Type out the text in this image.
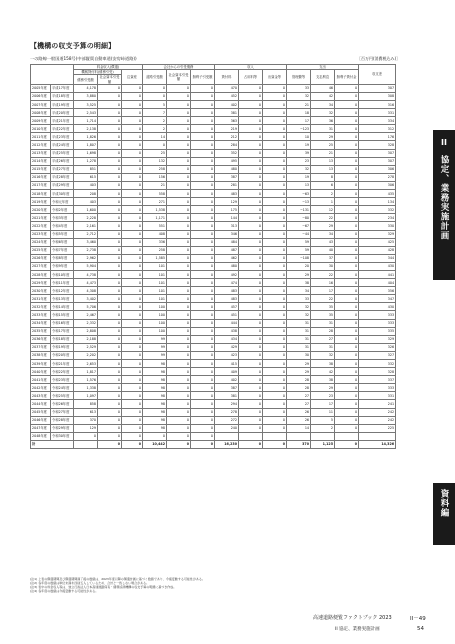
【機構の収支予算の明細】
一の路線一般国道158号(中部縦貫自動車道(安房峠道路))	［百万円(消費税込み)］
		料金収入(償還)			会社からの引受債務			収入			支出			収支差
		機械貸付料(債務引受)		注資産	道路引受額	社会資本引受額	無利子引受額	貸付料	占用料等	出資金等	管理費等	支払利息	無利子貸付金	
		債務引受額	社会資本引受額											
2005年度	平成17年度	4,178	0	0	0	0	0	470	0	0	33	46	0	307
2006年度	平成18年度	3,880	0	0	0	0	0	452	0	0	32	42	0	308
2007年度	平成19年度	3,525	0	0	5	0	0	402	0	0	21	34	0	316
2008年度	平成20年度	2,543	0	0	7	0	0	381	0	0	18	32	0	331
2009年度	平成21年度	1,714	0	0	2	0	0	363	0	0	17	36	0	334
2010年度	平成22年度	2,138	0	0	2	0	0	219	0	0	−123	31	0	312
2011年度	平成23年度	1,826	0	0	14	0	0	212	0	0	10	29	0	176
2012年度	平成24年度	1,807	0	0	0	0	0	284	0	0	19	25	0	328
2013年度	平成25年度	1,698	0	0	25	0	0	352	0	0	39	21	0	307
2014年度	平成26年度	1,278	0	0	132	0	0	495	0	0	23	13	0	307
2015年度	平成27年度	851	0	0	258	0	0	480	0	0	32	13	0	306
2016年度	平成28年度	615	0	0	156	0	0	387	0	0	19	8	0	278
2017年度	平成29年度	403	0	0	21	0	0	281	0	0	13	6	0	306
2018年度	平成30年度	208	0	0	558	0	0	483	0	0	−63	2	0	435
2019年度	令和元年度	403	0	0	271	0	0	129	0	0	−13	1	0	134
2020年度	令和2年度	1,600	0	0	1,538	0	0	175	0	0	−131	12	0	332
2021年度	令和3年度	2,228	0	0	1,171	0	0	144	0	0	−80	22	0	234
2022年度	令和4年度	2,161	0	0	551	0	0	313	0	0	−67	29	0	330
2023年度	令和5年度	2,712	0	0	408	0	0	346	0	0	−44	34	0	329
2024年度	令和6年度	3,460	0	0	336	0	0	484	0	0	59	43	0	425
2025年度	令和7年度	2,738	0	0	258	0	0	487	0	0	59	40	0	428
2026年度	令和8年度	2,962	0	0	1,585	0	0	462	0	0	−108	37	0	344
2027年度	令和9年度	5,904	0	0	101	0	0	480	0	0	20	30	0	430
2028年度	令和10年度	4,738	0	0	101	0	0	492	0	0	29	22	0	441
2029年度	令和11年度	4,473	0	0	101	0	0	474	0	0	38	16	0	404
2030年度	令和12年度	4,308	0	0	101	0	0	483	0	0	34	17	0	356
2031年度	令和13年度	3,402	0	0	101	0	0	483	0	0	33	22	0	347
2032年度	令和14年度	5,706	0	0	100	0	0	457	0	0	32	35	0	430
2033年度	令和15年度	2,467	0	0	100	0	0	451	0	0	32	35	0	333
2034年度	令和16年度	2,332	0	0	100	0	0	444	0	0	31	31	0	333
2035年度	令和17年度	2,808	0	0	100	0	0	438	0	0	31	28	0	335
2036年度	令和18年度	2,188	0	0	99	0	0	434	0	0	31	27	0	329
2037年度	令和19年度	2,529	0	0	99	0	0	429	0	0	31	31	0	326
2038年度	令和20年度	2,202	0	0	99	0	0	423	0	0	30	32	0	327
2039年度	令和21年度	2,653	0	0	98	0	0	415	0	0	29	38	0	332
2040年度	令和22年度	1,817	0	0	98	0	0	409	0	0	29	42	0	328
2041年度	令和23年度	1,576	0	0	98	0	0	402	0	0	28	38	0	337
2042年度	令和24年度	1,338	0	0	98	0	0	387	0	0	28	29	0	333
2043年度	令和25年度	1,097	0	0	98	0	0	381	0	0	27	23	0	331
2044年度	令和26年度	858	0	0	98	0	0	294	0	0	27	17	0	241
2045年度	令和27年度	613	0	0	98	0	0	278	0	0	26	11	0	242
2046年度	令和28年度	370	0	0	98	0	0	272	0	0	26	5	0	242
2047年度	令和29年度	129	0	0	98	0	0	240	0	0	14	2	0	225
2048年度	令和30年度	0	0	0	0	0	0							
計			0	0	10,442	0	0	16,230	0	0	370	1,125	0	14,326
(注1) 上表の償還期間及び償還期間満了後の数値は、2023年度以降の償還計画に基づく数値であり、今後変動する可能性がある。
(注2) 各年度の数値は単位未満を四捨五入しているため、合計と一致しない場合がある。
(注3) 表中の料金収入等は、独立行政法人日本高速道路保有・債務返済機構の収支予算の明細に基づき作成。
(注4) 各年度の数値は今後変動する可能性がある。
II
協定、業務実施計画
資料編
高速道路便覧ファクトブック 2023	II－49
II 協定、業務実施計画	54
